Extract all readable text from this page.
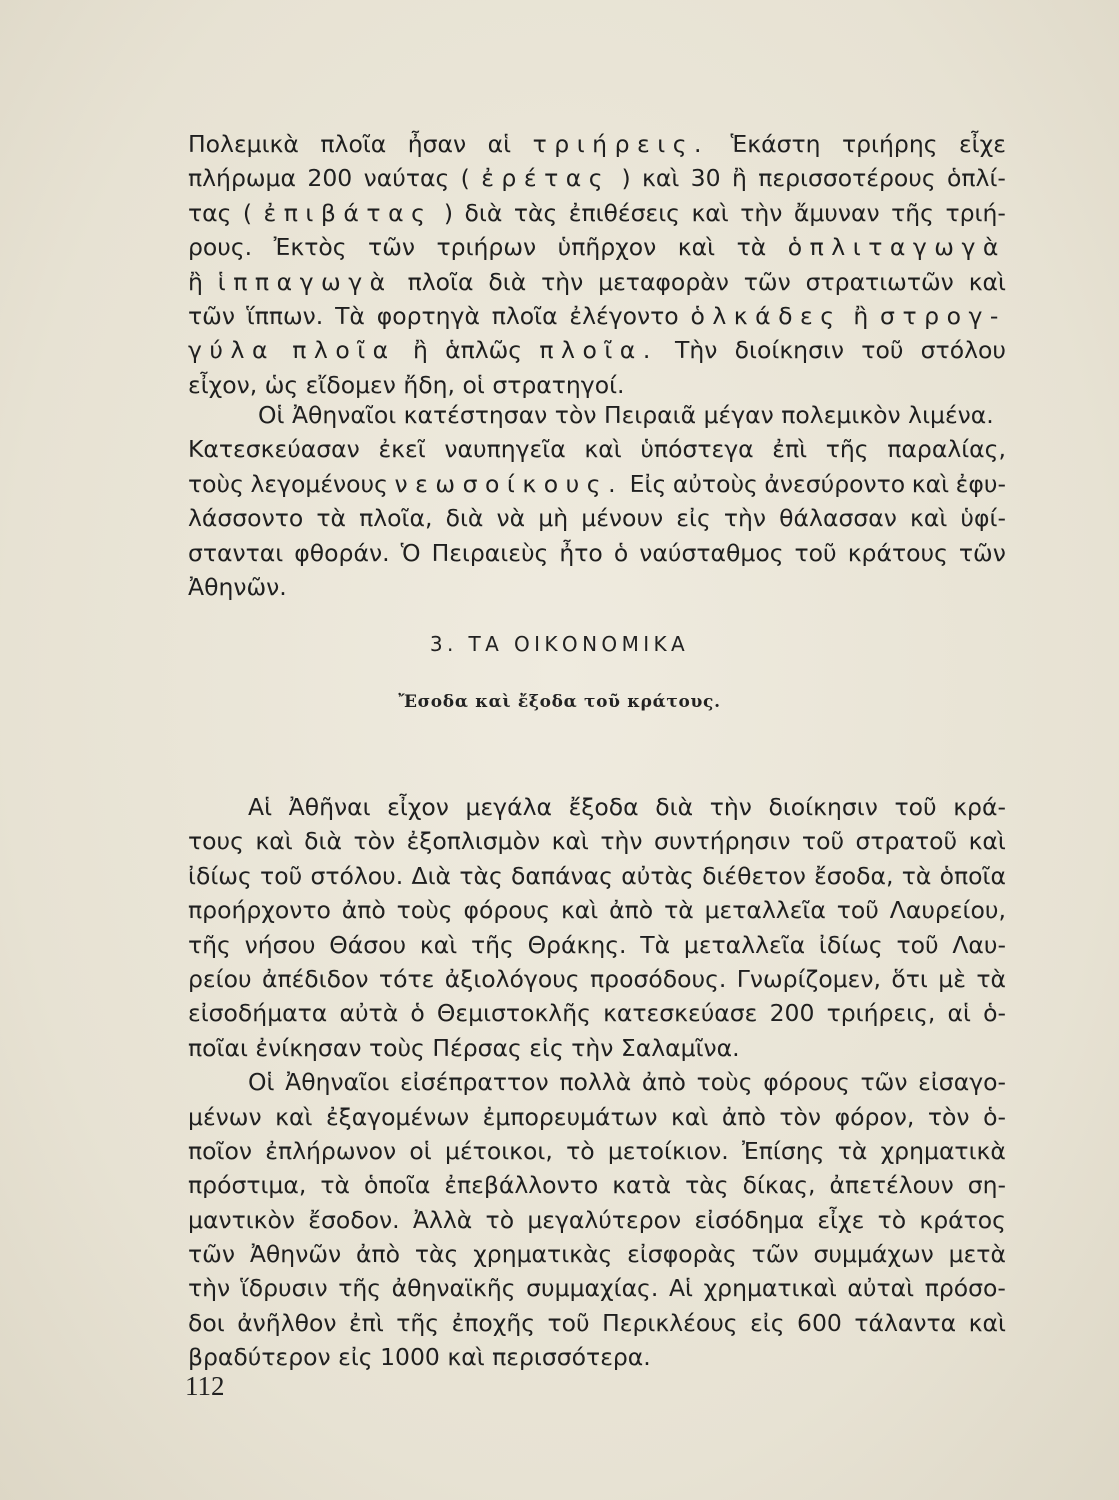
Πολεμικὰ πλοῖα ἦσαν αἱ τριήρεις. Ἑκάστη τριήρης εἶχε
πλήρωμα 200 ναύτας ( ἐρέτας ) καὶ 30 ἢ περισσοτέρους ὁπλί-
τας ( ἐπιβάτας ) διὰ τὰς ἐπιθέσεις καὶ τὴν ἄμυναν τῆς τριή-
ρους. Ἐκτὸς τῶν τριήρων ὑπῆρχον καὶ τὰ ὁπλιταγωγὰ
ἢ ἱππαγωγὰ πλοῖα διὰ τὴν μεταφορὰν τῶν στρατιωτῶν καὶ
τῶν ἵππων. Τὰ φορτηγὰ πλοῖα ἐλέγοντο ὁλκάδες ἢ στρογ-
γύλα πλοῖα ἢ ἁπλῶς πλοῖα. Τὴν διοίκησιν τοῦ στόλου
εἶχον,
ὡς
εἴδομεν
ἤδη,
οἱ
στρατηγοί.
Οἱ
Ἀθηναῖοι
κατέστησαν
τὸν
Πειραιᾶ
μέγαν
πολεμικὸν
λιμένα.
Κατεσκεύασαν ἐκεῖ ναυπηγεῖα καὶ ὑπόστεγα ἐπὶ τῆς παραλίας,
τοὺς λεγομένους νεωσοίκους. Εἰς αὐτοὺς ἀνεσύροντο καὶ ἐφυ-
λάσσοντο τὰ πλοῖα, διὰ νὰ μὴ μένουν εἰς τὴν θάλασσαν καὶ ὑφί-
στανται φθοράν. Ὁ Πειραιεὺς ἦτο ὁ ναύσταθμος τοῦ κράτους τῶν
Ἀθηνῶν.
3. ΤΑ ΟΙΚΟΝΟΜΙΚΑ
Ἔσοδα καὶ ἔξοδα τοῦ κράτους.
Αἱ Ἀθῆναι εἶχον μεγάλα ἔξοδα διὰ τὴν διοίκησιν τοῦ κρά-
τους καὶ διὰ τὸν ἐξοπλισμὸν καὶ τὴν συντήρησιν τοῦ στρατοῦ καὶ
ἰδίως τοῦ στόλου. Διὰ τὰς δαπάνας αὐτὰς διέθετον ἔσοδα, τὰ ὁποῖα
προήρχοντο ἀπὸ τοὺς φόρους καὶ ἀπὸ τὰ μεταλλεῖα τοῦ Λαυρείου,
τῆς νήσου Θάσου καὶ τῆς Θράκης. Τὰ μεταλλεῖα ἰδίως τοῦ Λαυ-
ρείου ἀπέδιδον τότε ἀξιολόγους προσόδους. Γνωρίζομεν, ὅτι μὲ τὰ
εἰσοδήματα αὐτὰ ὁ Θεμιστοκλῆς κατεσκεύασε 200 τριήρεις, αἱ ὁ-
ποῖαι
ἐνίκησαν
τοὺς
Πέρσας
εἰς
τὴν
Σαλαμῖνα.
Οἱ Ἀθηναῖοι εἰσέπραττον πολλὰ ἀπὸ τοὺς φόρους τῶν εἰσαγο-
μένων καὶ ἐξαγομένων ἐμπορευμάτων καὶ ἀπὸ τὸν φόρον, τὸν ὁ-
ποῖον ἐπλήρωνον οἱ μέτοικοι, τὸ μετοίκιον. Ἐπίσης τὰ χρηματικὰ
πρόστιμα, τὰ ὁποῖα ἐπεβάλλοντο κατὰ τὰς δίκας, ἀπετέλουν ση-
μαντικὸν ἔσοδον. Ἀλλὰ τὸ μεγαλύτερον εἰσόδημα εἶχε τὸ κράτος
τῶν Ἀθηνῶν ἀπὸ τὰς χρηματικὰς εἰσφορὰς τῶν συμμάχων μετὰ
τὴν ἵδρυσιν τῆς ἀθηναϊκῆς συμμαχίας. Αἱ χρηματικαὶ αὐταὶ πρόσο-
δοι ἀνῆλθον ἐπὶ τῆς ἐποχῆς τοῦ Περικλέους εἰς 600 τάλαντα καὶ
βραδύτερον
εἰς
1000
καὶ
περισσότερα.
112
